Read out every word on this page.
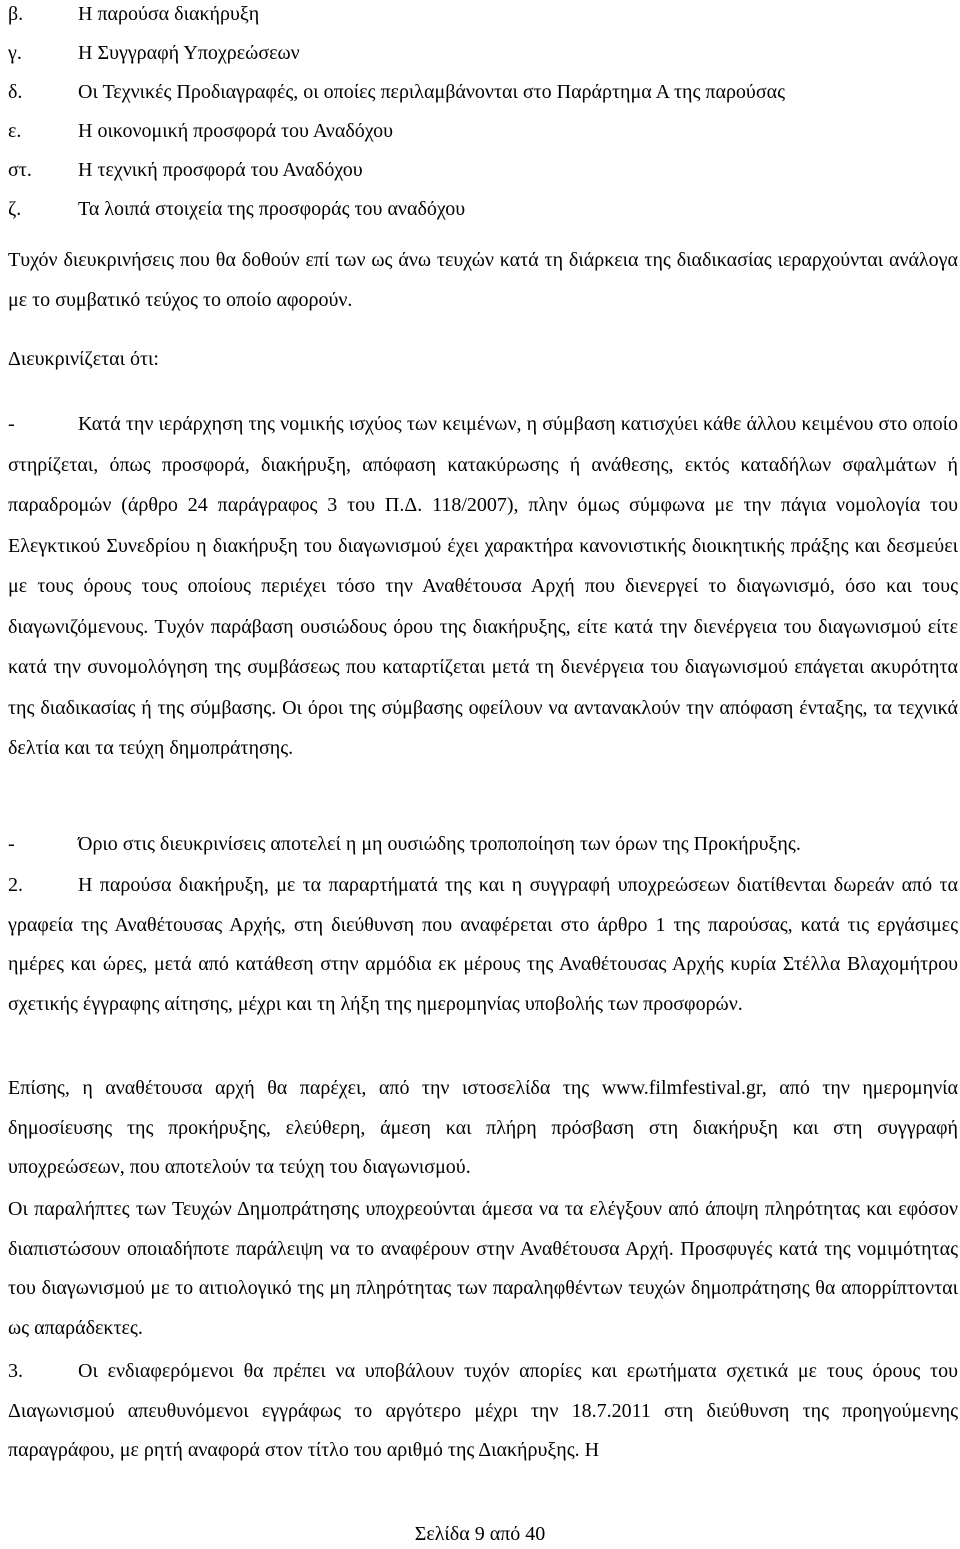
β.	Η παρούσα διακήρυξη
γ.	Η Συγγραφή Υποχρεώσεων
δ.	Οι Τεχνικές Προδιαγραφές, οι οποίες περιλαμβάνονται στο Παράρτημα Α της παρούσας
ε.	Η οικονομική προσφορά του Αναδόχου
στ. Η τεχνική προσφορά του Αναδόχου
ζ.	Τα λοιπά στοιχεία της προσφοράς του αναδόχου

Τυχόν διευκρινήσεις που θα δοθούν επί των ως άνω τευχών κατά τη διάρκεια της διαδικασίας ιεραρχούνται ανάλογα με το συμβατικό τεύχος το οποίο αφορούν.

Διευκρινίζεται ότι:

-	Κατά την ιεράρχηση της νομικής ισχύος των κειμένων, η σύμβαση κατισχύει κάθε άλλου κειμένου στο οποίο στηρίζεται, όπως προσφορά, διακήρυξη, απόφαση κατακύρωσης ή ανάθεσης, εκτός καταδήλων σφαλμάτων ή παραδρομών (άρθρο 24 παράγραφος 3 του Π.Δ. 118/2007), πλην όμως σύμφωνα με την πάγια νομολογία του Ελεγκτικού Συνεδρίου η διακήρυξη του διαγωνισμού έχει χαρακτήρα κανονιστικής διοικητικής πράξης και δεσμεύει με τους όρους τους οποίους περιέχει τόσο την Αναθέτουσα Αρχή που διενεργεί το διαγωνισμό, όσο και τους διαγωνιζόμενους. Τυχόν παράβαση ουσιώδους όρου της διακήρυξης, είτε κατά την διενέργεια του διαγωνισμού είτε κατά την συνομολόγηση της συμβάσεως που καταρτίζεται μετά τη διενέργεια του διαγωνισμού επάγεται ακυρότητα της διαδικασίας ή της σύμβασης. Οι όροι της σύμβασης οφείλουν να αντανακλούν την απόφαση ένταξης, τα τεχνικά δελτία και τα τεύχη δημοπράτησης.

-	Όριο στις διευκρινίσεις αποτελεί η μη ουσιώδης τροποποίηση των όρων της Προκήρυξης.

2.	Η παρούσα διακήρυξη, με τα παραρτήματά της και η συγγραφή υποχρεώσεων διατίθενται δωρεάν από τα γραφεία της Αναθέτουσας Αρχής, στη διεύθυνση που αναφέρεται στο άρθρο 1 της παρούσας, κατά τις εργάσιμες ημέρες και ώρες, μετά από κατάθεση στην αρμόδια εκ μέρους της Αναθέτουσας Αρχής κυρία Στέλλα Βλαχομήτρου σχετικής έγγραφης αίτησης, μέχρι και τη λήξη της ημερομηνίας υποβολής των προσφορών.

Επίσης, η αναθέτουσα αρχή θα παρέχει, από την ιστοσελίδα της www.filmfestival.gr, από την ημερομηνία δημοσίευσης της προκήρυξης, ελεύθερη, άμεση και πλήρη πρόσβαση στη διακήρυξη και στη συγγραφή υποχρεώσεων, που αποτελούν τα τεύχη του διαγωνισμού.

Οι παραλήπτες των Τευχών Δημοπράτησης υποχρεούνται άμεσα να τα ελέγξουν από άποψη πληρότητας και εφόσον διαπιστώσουν οποιαδήποτε παράλειψη να το αναφέρουν στην Αναθέτουσα Αρχή. Προσφυγές κατά της νομιμότητας του διαγωνισμού με το αιτιολογικό της μη πληρότητας των παραληφθέντων τευχών δημοπράτησης θα απορρίπτονται ως απαράδεκτες.

3.	Οι ενδιαφερόμενοι θα πρέπει να υποβάλουν τυχόν απορίες και ερωτήματα σχετικά με τους όρους του Διαγωνισμού απευθυνόμενοι εγγράφως το αργότερο μέχρι την 18.7.2011 στη διεύθυνση της προηγούμενης παραγράφου, με ρητή αναφορά στον τίτλο του αριθμό της Διακήρυξης. Η

Σελίδα 9 από 40
